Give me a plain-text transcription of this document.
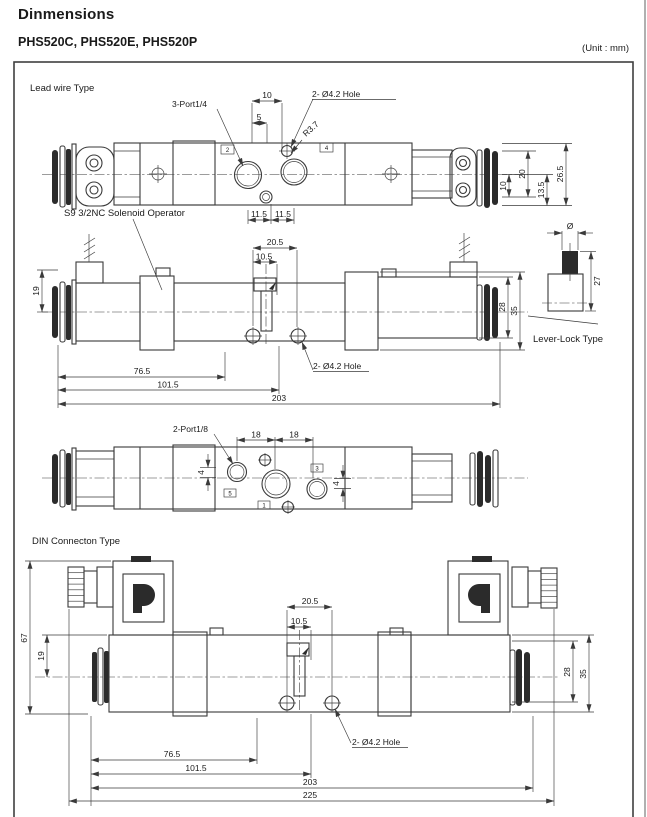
Dinmensions
PHS520C, PHS520E, PHS520P	(Unit : mm)
Lead wire Type
2	4
3-Port1/4
2- Ø4.2 Hole
R3.7
10
5
11.5 11.5
10
20
13.5
26.5
S9 3/2NC Solenoid Operator
19
20.5
10.5
28 35
76.5
101.5
203
2- Ø4.2 Hole
Ø
27
Lever-Lock Type
5
3
1
2-Port1/8
18	18
4
4
DIN Connecton Type
67
19
20.5
10.5
28 35
2- Ø4.2 Hole
76.5
101.5
203
225
